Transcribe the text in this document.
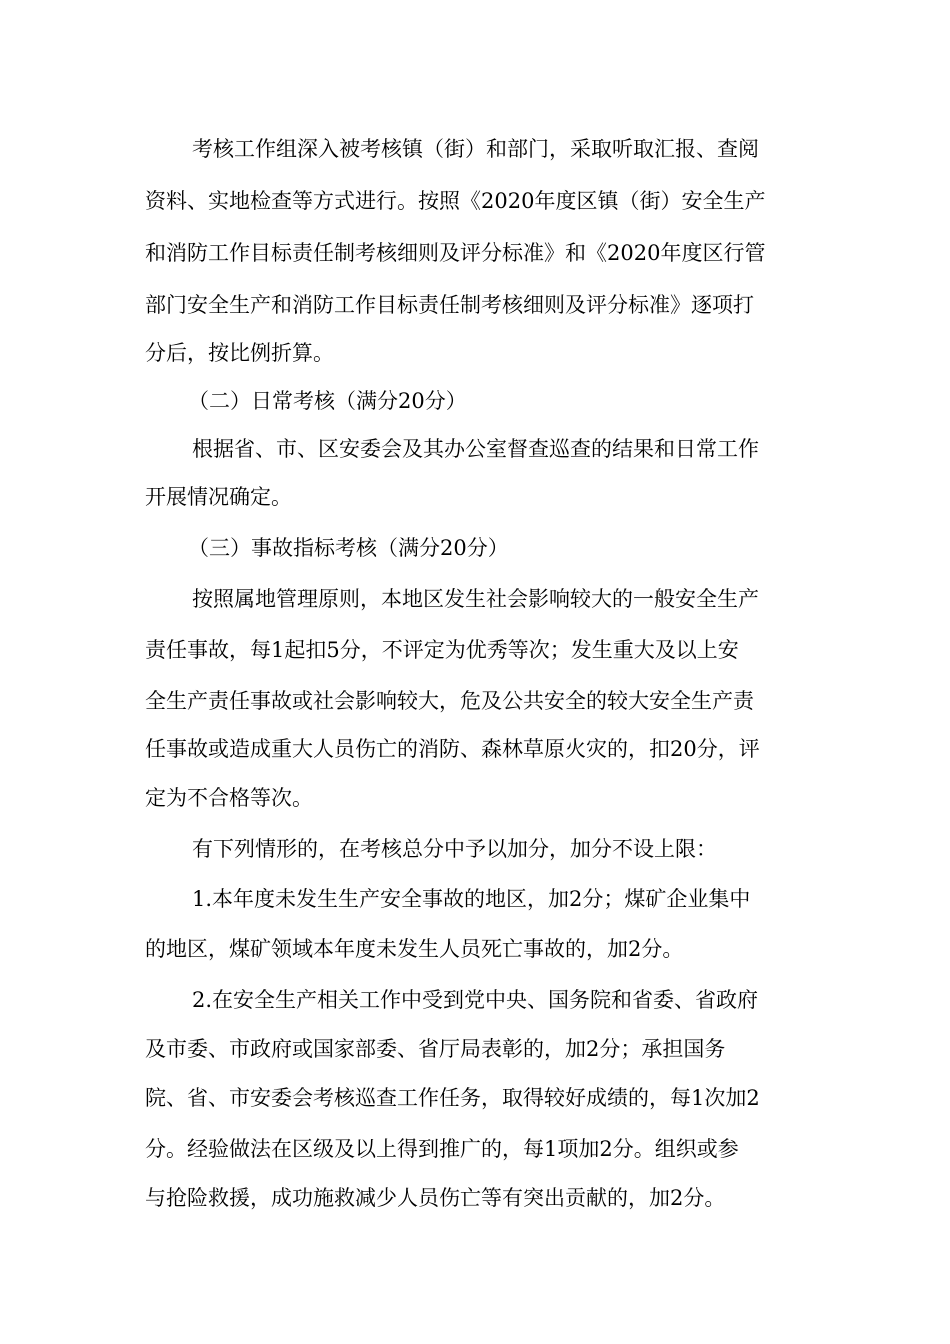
考核工作组深入被考核镇（街）和部门，采取听取汇报、查阅
资料、实地检查等方式进行。按照《2020年度区镇（街）安全生产
和消防工作目标责任制考核细则及评分标准》和《2020年度区行管
部门安全生产和消防工作目标责任制考核细则及评分标准》逐项打
分后，按比例折算。
（二）日常考核（满分20分）
根据省、市、区安委会及其办公室督查巡查的结果和日常工作
开展情况确定。
（三）事故指标考核（满分20分）
按照属地管理原则，本地区发生社会影响较大的一般安全生产
责任事故，每1起扣5分，不评定为优秀等次；发生重大及以上安
全生产责任事故或社会影响较大，危及公共安全的较大安全生产责
任事故或造成重大人员伤亡的消防、森林草原火灾的，扣20分，评
定为不合格等次。
有下列情形的，在考核总分中予以加分，加分不设上限：
1.本年度未发生生产安全事故的地区，加2分；煤矿企业集中
的地区，煤矿领域本年度未发生人员死亡事故的，加2分。
2.在安全生产相关工作中受到党中央、国务院和省委、省政府
及市委、市政府或国家部委、省厅局表彰的，加2分；承担国务
院、省、市安委会考核巡查工作任务，取得较好成绩的，每1次加2
分。经验做法在区级及以上得到推广的，每1项加2分。组织或参
与抢险救援，成功施救减少人员伤亡等有突出贡献的，加2分。
